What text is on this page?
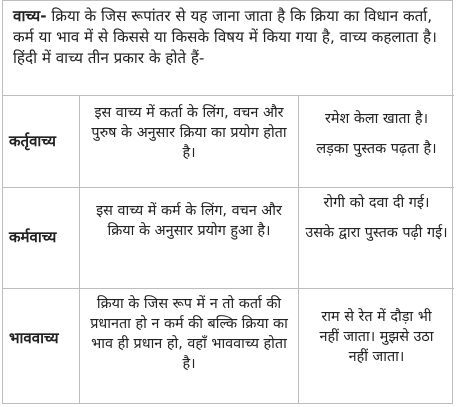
वाच्य- क्रिया के जिस रूपांतर से यह जाना जाता है कि क्रिया का विधान कर्ता, कर्म या भाव में से किससे या किसके विषय में किया गया है, वाच्य कहलाता है। हिंदी में वाच्य तीन प्रकार के होते हैं-
कर्तृवाच्य
इस वाच्य में कर्ता के लिंग, वचन और पुरुष के अनुसार क्रिया का प्रयोग होता है।

रमेश केला खाता है।

लड़का पुस्तक पढ़ता है।

कर्मवाच्य
इस वाच्य में कर्म के लिंग, वचन और क्रिया के अनुसार प्रयोग हुआ है।

रोगी को दवा दी गई।

उसके द्वारा पुस्तक पढ़ी गई।

भाववाच्य
क्रिया के जिस रूप में न तो कर्ता की प्रधानता हो न कर्म की बल्कि क्रिया का भाव ही प्रधान हो, वहाँ भाववाच्य होता है।

राम से रेत में दौड़ा भी नहीं जाता। मुझसे उठा नहीं जाता।
